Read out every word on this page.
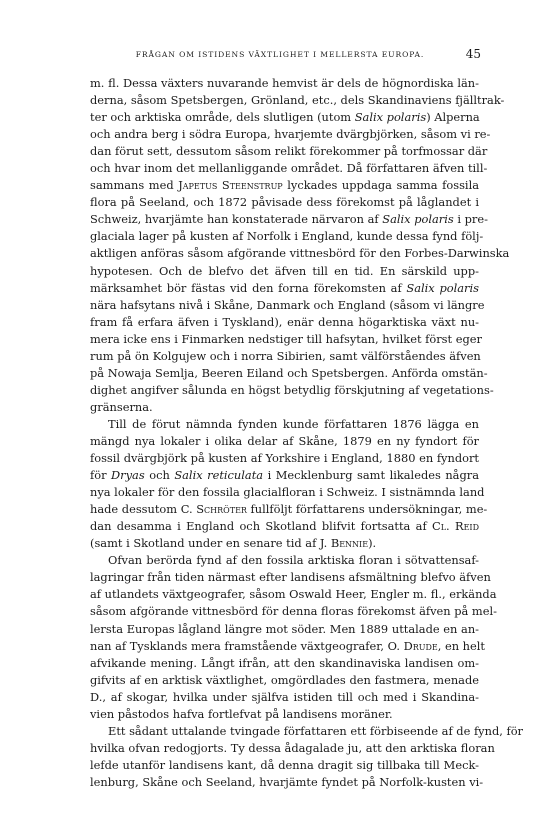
FRÅGAN OM ISTIDENS VÄXTLIGHET I MELLERSTA EUROPA.	45
m. fl. Dessa växters nuvarande hemvist är dels de högnordiska län-
derna, såsom Spetsbergen, Grönland, etc., dels Skandinaviens fjälltrak-
ter och arktiska område, dels slutligen (utom Salix polaris) Alperna
och andra berg i södra Europa, hvarjemte dvärgbjörken, såsom vi re-
dan förut sett, dessutom såsom relikt förekommer på torfmossar där
och hvar inom det mellanliggande området. Då författaren äfven till-
sammans med Japetus Steenstrup lyckades uppdaga samma fossila
flora på Seeland, och 1872 påvisade dess förekomst på låglandet i
Schweiz, hvarjämte han konstaterade närvaron af Salix polaris i pre-
glaciala lager på kusten af Norfolk i England, kunde dessa fynd följ-
aktligen anföras såsom afgörande vittnesbörd för den Forbes-Darwinska
hypotesen. Och de blefvo det äfven till en tid. En särskild upp-
märksamhet bör fästas vid den forna förekomsten af Salix polaris
nära hafsytans nivå i Skåne, Danmark och England (såsom vi längre
fram få erfara äfven i Tyskland), enär denna högarktiska växt nu-
mera icke ens i Finmarken nedstiger till hafsytan, hvilket först eger
rum på ön Kolgujew och i norra Sibirien, samt välförståendes äfven
på Nowaja Semlja, Beeren Eiland och Spetsbergen. Anförda omstän-
dighet angifver sålunda en högst betydlig förskjutning af vegetations-
gränserna.
Till de förut nämnda fynden kunde författaren 1876 lägga en
mängd nya lokaler i olika delar af Skåne, 1879 en ny fyndort för
fossil dvärgbjörk på kusten af Yorkshire i England, 1880 en fyndort
för Dryas och Salix reticulata i Mecklenburg samt likaledes några
nya lokaler för den fossila glacialfloran i Schweiz. I sistnämnda land
hade dessutom C. Schröter fullföljt författarens undersökningar, me-
dan desamma i England och Skotland blifvit fortsatta af Cl. Reid
(samt i Skotland under en senare tid af J. Bennie).
Ofvan berörda fynd af den fossila arktiska floran i sötvattensaf-
lagringar från tiden närmast efter landisens afsmältning blefvo äfven
af utlandets växtgeografer, såsom Oswald Heer, Engler m. fl., erkända
såsom afgörande vittnesbörd för denna floras förekomst äfven på mel-
lersta Europas lågland längre mot söder. Men 1889 uttalade en an-
nan af Tysklands mera framstående växtgeografer, O. Drude, en helt
afvikande mening. Långt ifrån, att den skandinaviska landisen om-
gifvits af en arktisk växtlighet, omgördlades den fastmera, menade
D., af skogar, hvilka under själfva istiden till och med i Skandina-
vien påstodos hafva fortlefvat på landisens moräner.
Ett sådant uttalande tvingade författaren ett förbiseende af de fynd, för
hvilka ofvan redogjorts. Ty dessa ådagalade ju, att den arktiska floran
lefde utanför landisens kant, då denna dragit sig tillbaka till Meck-
lenburg, Skåne och Seeland, hvarjämte fyndet på Norfolk-kusten vi-
